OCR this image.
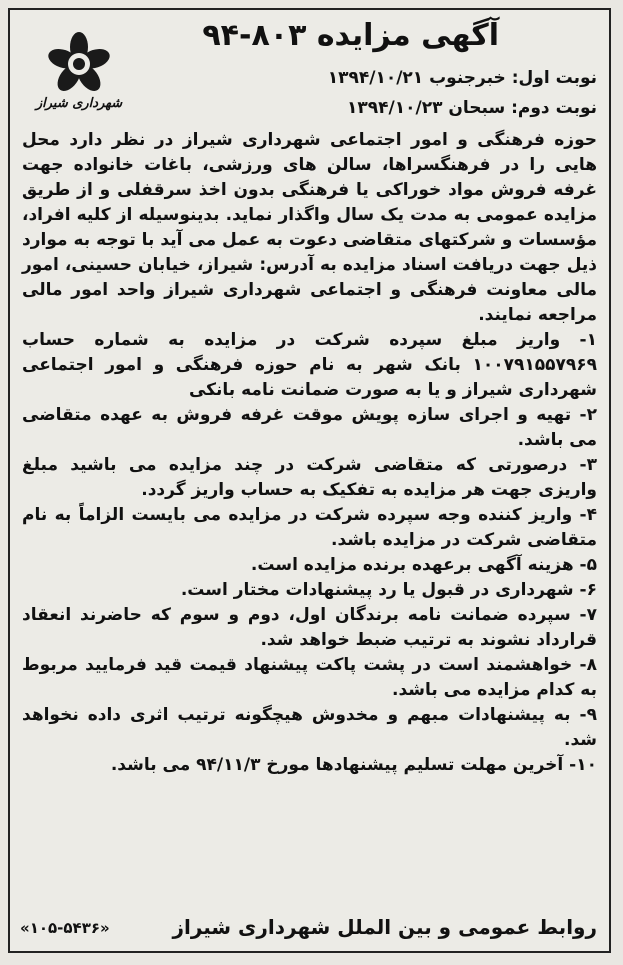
شهرداری شیراز
آگهی مزایده ۸۰۳-۹۴
نوبت اول: خبرجنوب ۱۳۹۴/۱۰/۲۱
نوبت دوم: سبحان ۱۳۹۴/۱۰/۲۳

حوزه فرهنگی و امور اجتماعی شهرداری شیراز در نظر دارد محل هایی را در فرهنگسراها، سالن های ورزشی، باغات خانواده جهت غرفه فروش مواد خوراکی یا فرهنگی بدون اخذ سرقفلی و از طریق مزایده عمومی به مدت یک سال واگذار نماید. بدینوسیله از کلیه افراد، مؤسسات و شرکتهای متقاضی دعوت به عمل می آید با توجه به موارد ذیل جهت دریافت اسناد مزایده به آدرس: شیراز، خیابان حسینی، امور مالی معاونت فرهنگی و اجتماعی شهرداری شیراز واحد امور مالی مراجعه نمایند.

۱- واریز مبلغ سپرده شرکت در مزایده به شماره حساب ۱۰۰۷۹۱۵۵۷۹۶۹ بانک شهر به نام حوزه فرهنگی و امور اجتماعی شهرداری شیراز و یا به صورت ضمانت نامه بانکی

۲- تهیه و اجرای سازه پویش موقت غرفه فروش به عهده متقاضی می باشد.

۳- درصورتی که متقاضی شرکت در چند مزایده می باشید مبلغ واریزی جهت هر مزایده به تفکیک به حساب واریز گردد.

۴- واریز کننده وجه سپرده شرکت در مزایده می بایست الزاماً به نام متقاضی شرکت در مزایده باشد.

۵- هزینه آگهی برعهده برنده مزایده است.

۶- شهرداری در قبول یا رد پیشنهادات مختار است.

۷- سپرده ضمانت نامه برندگان اول، دوم و سوم که حاضرند انعقاد قرارداد نشوند به ترتیب ضبط خواهد شد.

۸- خواهشمند است در پشت پاکت پیشنهاد قیمت قید فرمایید مربوط به کدام مزایده می باشد.

۹- به پیشنهادات مبهم و مخدوش هیچگونه ترتیب اثری داده نخواهد شد.

۱۰- آخرین مهلت تسلیم پیشنهادها مورخ ۹۴/۱۱/۳ می باشد.

روابط عمومی و بین الملل شهرداری شیراز
«۱۰۵-۵۴۳۶»
